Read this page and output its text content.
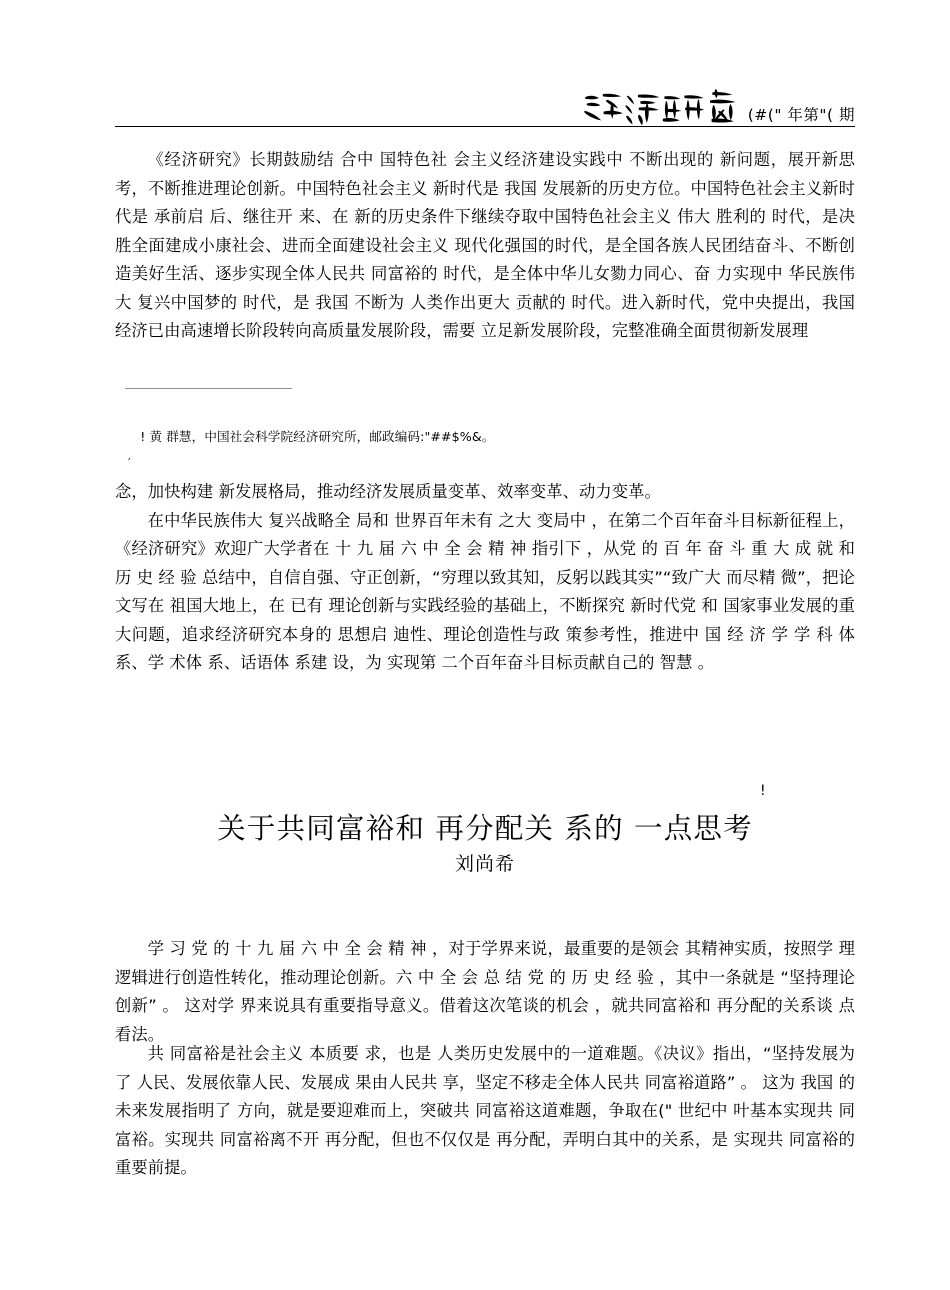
(#(" 年第"( 期

《经济研究》长期鼓励结 合中 国特色社 会主义经济建设实践中 不断出现的 新问题，展开新思考，不断推进理论创新。中国特色社会主义 新时代是 我国 发展新的历史方位。中国特色社会主义新时代是 承前启 后、继往开 来、在 新的历史条件下继续夺取中国特色社会主义 伟大 胜利的 时代，是决 胜全面建成小康社会、进而全面建设社会主义 现代化强国的时代，是全国各族人民团结奋斗、不断创造美好生活、逐步实现全体人民共 同富裕的 时代，是全体中华儿女勠力同心、奋 力实现中 华民族伟大 复兴中国梦的 时代，是 我国 不断为 人类作出更大 贡献的 时代。进入新时代，党中央提出，我国经济已由高速增长阶段转向高质量发展阶段，需要 立足新发展阶段，完整准确全面贯彻新发展理

! 黄 群慧，中国社会科学院经济研究所，邮政编码:"##$%&。
′

念，加快构建 新发展格局，推动经济发展质量变革、效率变革、动力变革。

在中华民族伟大 复兴战略全 局和 世界百年未有 之大 变局中 ，在第二个百年奋斗目标新征程上，《经济研究》欢迎广大学者在 十 九 届 六 中 全 会 精 神 指引下 ，从党 的 百 年 奋 斗 重 大 成 就 和 历 史 经 验 总结中，自信自强、守正创新，“穷理以致其知，反躬以践其实”“致广大 而尽精 微”，把论文写在 祖国大地上，在 已有 理论创新与实践经验的基础上，不断探究 新时代党 和 国家事业发展的重大问题，追求经济研究本身的 思想启 迪性、理论创造性与政 策参考性，推进中 国 经 济 学 学 科 体 系、学 术体 系、话语体 系建 设，为 实现第 二个百年奋斗目标贡献自己的 智慧 。

关于共同富裕和 再分配关 系的 一点思考
!
刘尚希

学 习 党 的 十 九 届 六 中 全 会 精 神 ，对于学界来说，最重要的是领会 其精神实质，按照学 理逻辑进行创造性转化，推动理论创新。六 中 全 会 总 结 党 的 历 史 经 验 ，其中一条就是 “坚持理论创新” 。 这对学 界来说具有重要指导意义。借着这次笔谈的机会 ，就共同富裕和 再分配的关系谈 点看法。

共 同富裕是社会主义 本质要 求，也是 人类历史发展中的一道难题。《决议》指出，“坚持发展为了 人民、发展依靠人民、发展成 果由人民共 享，坚定不移走全体人民共 同富裕道路” 。 这为 我国 的未来发展指明了 方向，就是要迎难而上，突破共 同富裕这道难题，争取在(" 世纪中 叶基本实现共 同富裕。实现共 同富裕离不开 再分配，但也不仅仅是 再分配，弄明白其中的关系，是 实现共 同富裕的重要前提。
